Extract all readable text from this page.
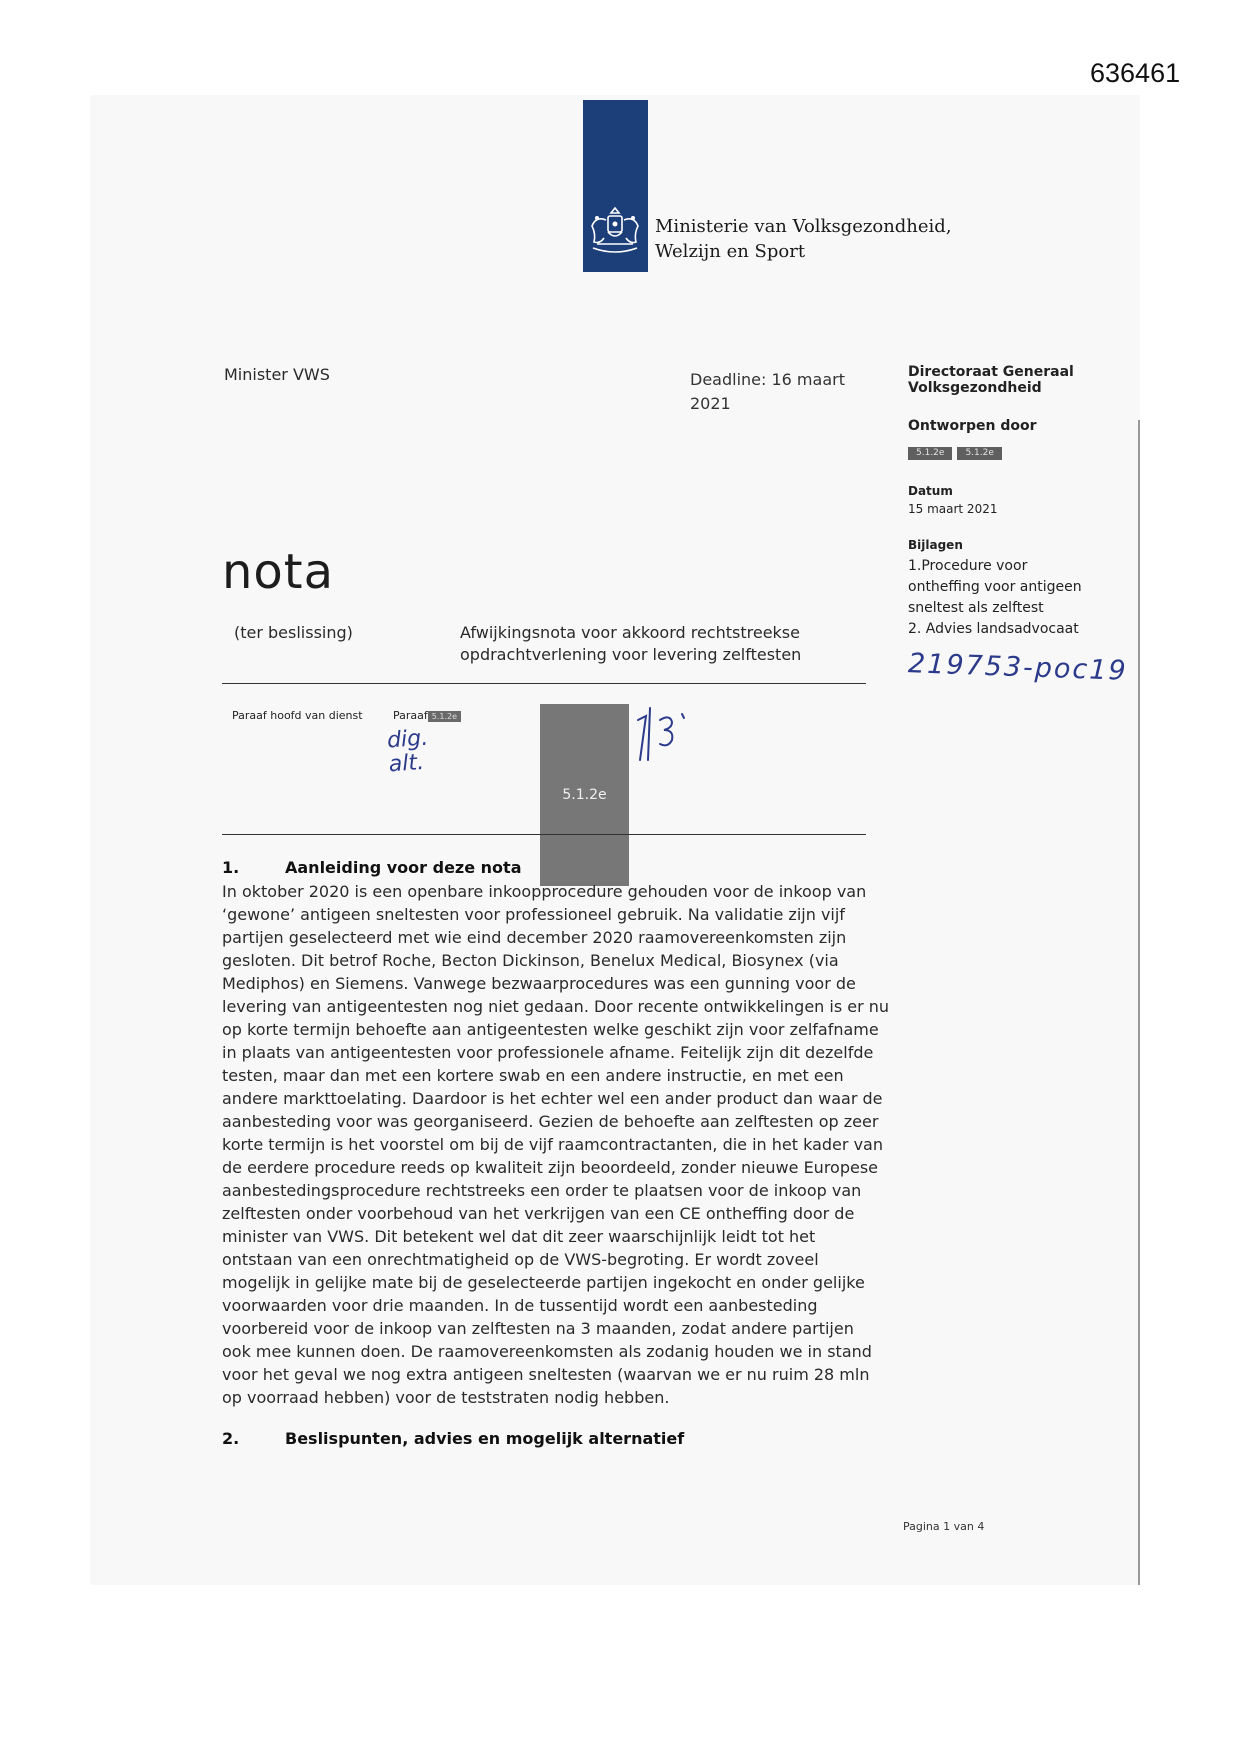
636461
Ministerie van Volksgezondheid,
Welzijn en Sport
Minister VWS	Deadline: 16 maart 2021
Directoraat Generaal
Volksgezondheid
Ontworpen door
5.1.2e 5.1.2e
Datum
15 maart 2021
Bijlagen
1.Procedure voor
ontheffing voor antigeen
sneltest als zelftest
2. Advies landsadvocaat
219753-poc19
nota
(ter beslissing)	Afwijkingsnota voor akkoord rechtstreekse
opdrachtverlening voor levering zelftesten
Paraaf hoofd van dienst	Paraaf 5.1.2e
dig.
alt.
5.1.2e
1.	Aanleiding voor deze nota
In oktober 2020 is een openbare inkoopprocedure gehouden voor de inkoop van
‘gewone’ antigeen sneltesten voor professioneel gebruik. Na validatie zijn vijf
partijen geselecteerd met wie eind december 2020 raamovereenkomsten zijn
gesloten. Dit betrof Roche, Becton Dickinson, Benelux Medical, Biosynex (via
Mediphos) en Siemens. Vanwege bezwaarprocedures was een gunning voor de
levering van antigeentesten nog niet gedaan. Door recente ontwikkelingen is er nu
op korte termijn behoefte aan antigeentesten welke geschikt zijn voor zelfafname
in plaats van antigeentesten voor professionele afname. Feitelijk zijn dit dezelfde
testen, maar dan met een kortere swab en een andere instructie, en met een
andere markttoelating. Daardoor is het echter wel een ander product dan waar de
aanbesteding voor was georganiseerd. Gezien de behoefte aan zelftesten op zeer
korte termijn is het voorstel om bij de vijf raamcontractanten, die in het kader van
de eerdere procedure reeds op kwaliteit zijn beoordeeld, zonder nieuwe Europese
aanbestedingsprocedure rechtstreeks een order te plaatsen voor de inkoop van
zelftesten onder voorbehoud van het verkrijgen van een CE ontheffing door de
minister van VWS. Dit betekent wel dat dit zeer waarschijnlijk leidt tot het
ontstaan van een onrechtmatigheid op de VWS-begroting. Er wordt zoveel
mogelijk in gelijke mate bij de geselecteerde partijen ingekocht en onder gelijke
voorwaarden voor drie maanden. In de tussentijd wordt een aanbesteding
voorbereid voor de inkoop van zelftesten na 3 maanden, zodat andere partijen
ook mee kunnen doen. De raamovereenkomsten als zodanig houden we in stand
voor het geval we nog extra antigeen sneltesten (waarvan we er nu ruim 28 mln
op voorraad hebben) voor de teststraten nodig hebben.
2.	Beslispunten, advies en mogelijk alternatief
Pagina 1 van 4
